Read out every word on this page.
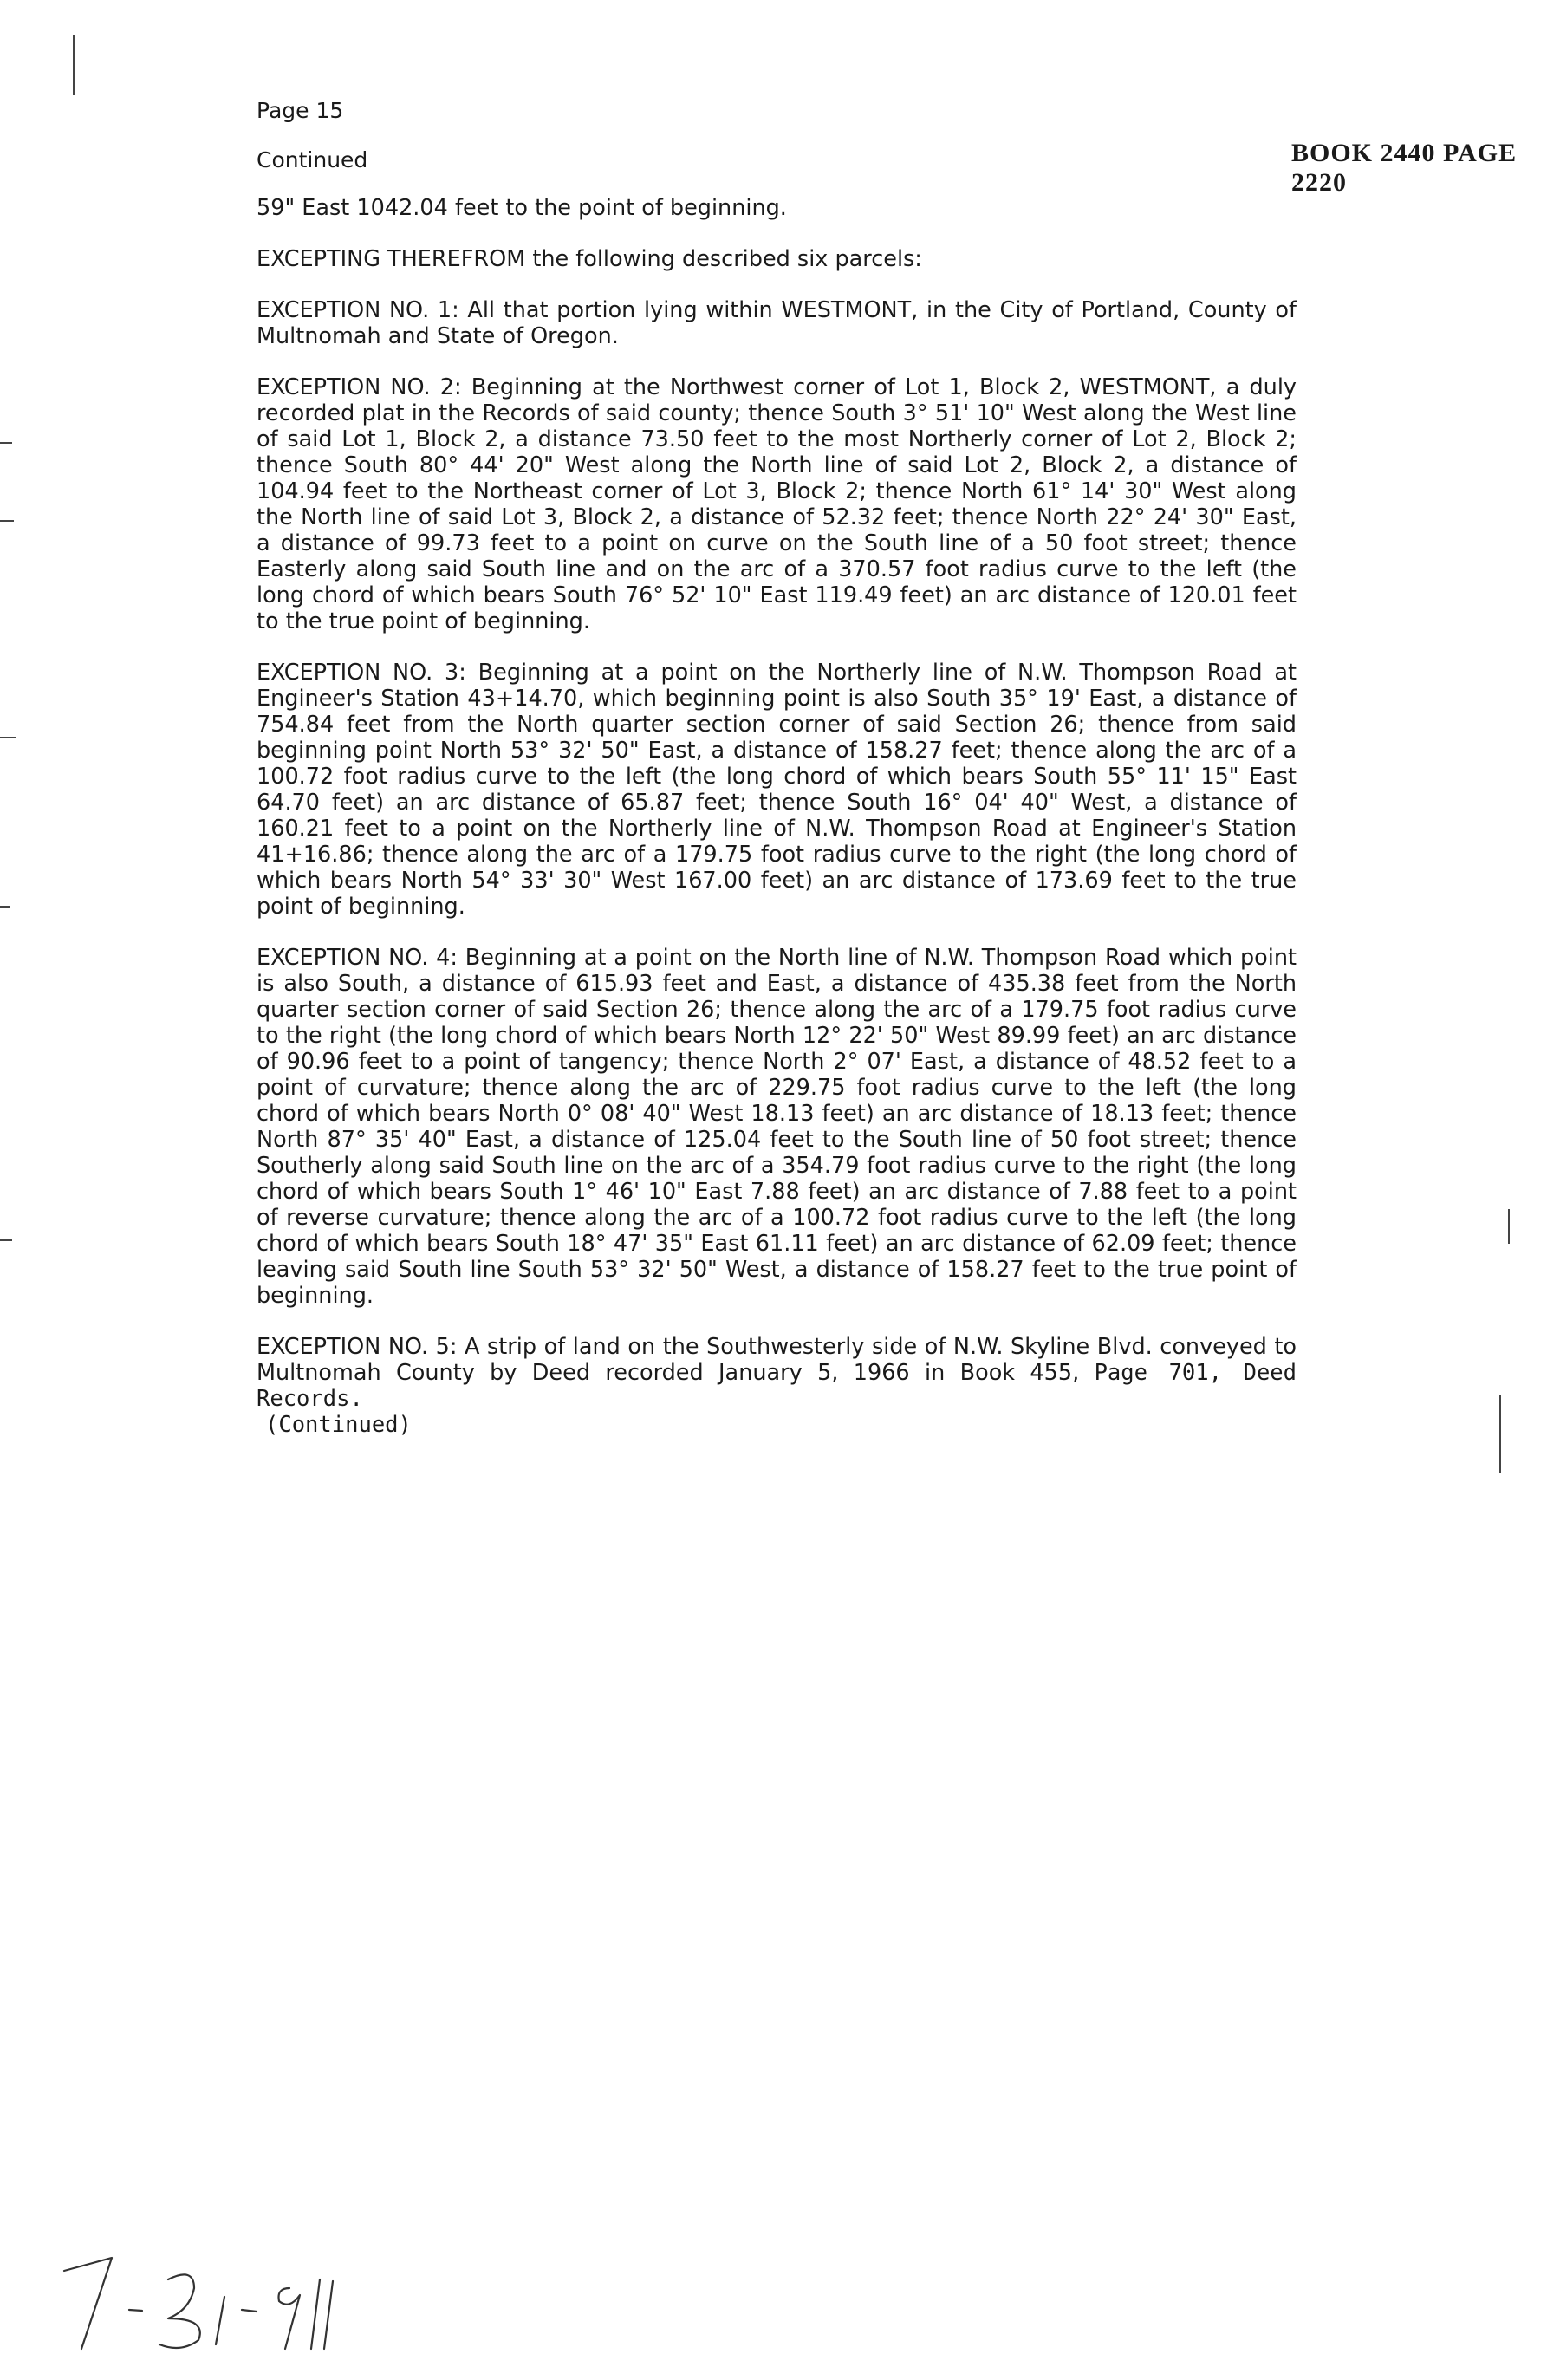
Page 15
Continued	BOOK 2440 PAGE 2220

59" East 1042.04 feet to the point of beginning.

EXCEPTING THEREFROM the following described six parcels:

EXCEPTION NO. 1: All that portion lying within WESTMONT, in the City of Portland, County of Multnomah and State of Oregon.

EXCEPTION NO. 2: Beginning at the Northwest corner of Lot 1, Block 2, WESTMONT, a duly recorded plat in the Records of said county; thence South 3° 51' 10" West along the West line of said Lot 1, Block 2, a distance 73.50 feet to the most Northerly corner of Lot 2, Block 2; thence South 80° 44' 20" West along the North line of said Lot 2, Block 2, a distance of 104.94 feet to the Northeast corner of Lot 3, Block 2; thence North 61° 14' 30" West along the North line of said Lot 3, Block 2, a distance of 52.32 feet; thence North 22° 24' 30" East, a distance of 99.73 feet to a point on curve on the South line of a 50 foot street; thence Easterly along said South line and on the arc of a 370.57 foot radius curve to the left (the long chord of which bears South 76° 52' 10" East 119.49 feet) an arc distance of 120.01 feet to the true point of beginning.

EXCEPTION NO. 3: Beginning at a point on the Northerly line of N.W. Thompson Road at Engineer's Station 43+14.70, which beginning point is also South 35° 19' East, a distance of 754.84 feet from the North quarter section corner of said Section 26; thence from said beginning point North 53° 32' 50" East, a distance of 158.27 feet; thence along the arc of a 100.72 foot radius curve to the left (the long chord of which bears South 55° 11' 15" East 64.70 feet) an arc distance of 65.87 feet; thence South 16° 04' 40" West, a distance of 160.21 feet to a point on the Northerly line of N.W. Thompson Road at Engineer's Station 41+16.86; thence along the arc of a 179.75 foot radius curve to the right (the long chord of which bears North 54° 33' 30" West 167.00 feet) an arc distance of 173.69 feet to the true point of beginning.

EXCEPTION NO. 4: Beginning at a point on the North line of N.W. Thompson Road which point is also South, a distance of 615.93 feet and East, a distance of 435.38 feet from the North quarter section corner of said Section 26; thence along the arc of a 179.75 foot radius curve to the right (the long chord of which bears North 12° 22' 50" West 89.99 feet) an arc distance of 90.96 feet to a point of tangency; thence North 2° 07' East, a distance of 48.52 feet to a point of curvature; thence along the arc of 229.75 foot radius curve to the left (the long chord of which bears North 0° 08' 40" West 18.13 feet) an arc distance of 18.13 feet; thence North 87° 35' 40" East, a distance of 125.04 feet to the South line of 50 foot street; thence Southerly along said South line on the arc of a 354.79 foot radius curve to the right (the long chord of which bears South 1° 46' 10" East 7.88 feet) an arc distance of 7.88 feet to a point of reverse curvature; thence along the arc of a 100.72 foot radius curve to the left (the long chord of which bears South 18° 47' 35" East 61.11 feet) an arc distance of 62.09 feet; thence leaving said South line South 53° 32' 50" West, a distance of 158.27 feet to the true point of beginning.

EXCEPTION NO. 5: A strip of land on the Southwesterly side of N.W. Skyline Blvd. conveyed to Multnomah County by Deed recorded January 5, 1966 in Book 455, Page 701, Deed Records.

(Continued)
